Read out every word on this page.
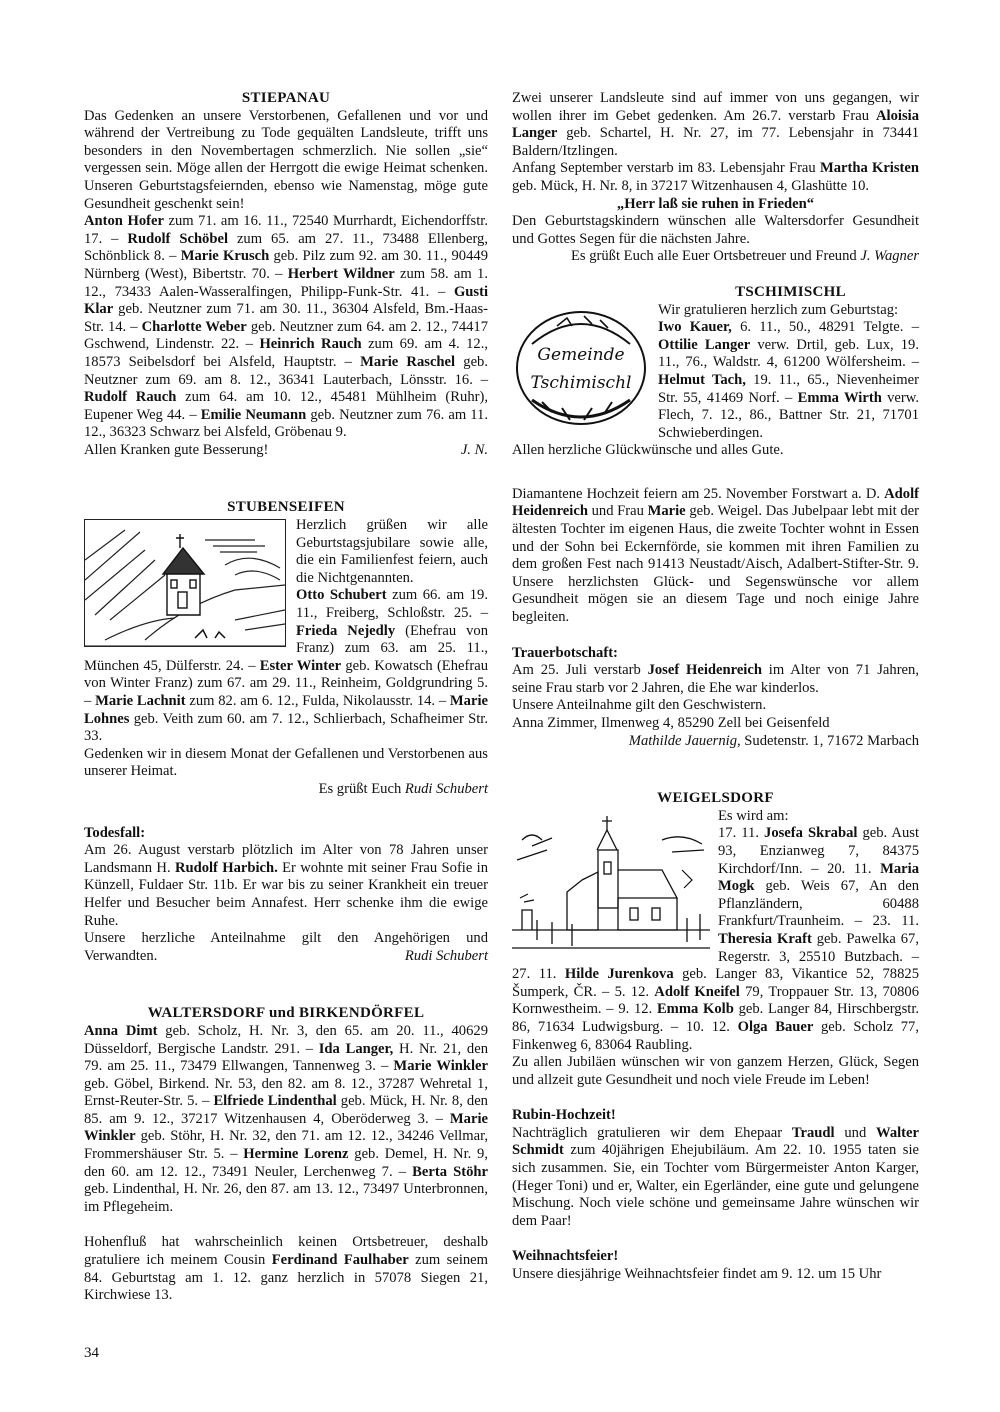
STIEPANAU

Das Gedenken an unsere Verstorbenen, Gefallenen und vor und während der Vertreibung zu Tode gequälten Landsleute, trifft uns besonders in den Novembertagen schmerzlich. Nie sollen „sie“ vergessen sein. Möge allen der Herrgott die ewige Heimat schenken. Unseren Geburtstagsfeiernden, ebenso wie Namenstag, möge gute Gesundheit geschenkt sein!

Anton Hofer zum 71. am 16. 11., 72540 Murrhardt, Eichendorffstr. 17. – Rudolf Schöbel zum 65. am 27. 11., 73488 Ellenberg, Schönblick 8. – Marie Krusch geb. Pilz zum 92. am 30. 11., 90449 Nürnberg (West), Bibertstr. 70. – Herbert Wildner zum 58. am 1. 12., 73433 Aalen-Wasseralfingen, Philipp-Funk-Str. 41. – Gusti Klar geb. Neutzner zum 71. am 30. 11., 36304 Alsfeld, Bm.-Haas-Str. 14. – Charlotte Weber geb. Neutzner zum 64. am 2. 12., 74417 Gschwend, Lindenstr. 22. – Heinrich Rauch zum 69. am 4. 12., 18573 Seibelsdorf bei Alsfeld, Hauptstr. – Marie Raschel geb. Neutzner zum 69. am 8. 12., 36341 Lauterbach, Lönsstr. 16. – Rudolf Rauch zum 64. am 10. 12., 45481 Mühlheim (Ruhr), Eupener Weg 44. – Emilie Neumann geb. Neutzner zum 76. am 11. 12., 36323 Schwarz bei Alsfeld, Gröbenau 9.

Allen Kranken gute Besserung!	J. N.
STUBENSEIFEN

Herzlich grüßen wir alle Geburtstagsjubilare sowie alle, die ein Familienfest feiern, auch die Nichtgenannten.

Otto Schubert zum 66. am 19. 11., Freiberg, Schloßstr. 25. – Frieda Nejedly (Ehefrau von Franz) zum 63. am 25. 11., München 45, Dülferstr. 24. – Ester Winter geb. Kowatsch (Ehefrau von Winter Franz) zum 67. am 29. 11., Reinheim, Goldgrundring 5. – Marie Lachnit zum 82. am 6. 12., Fulda, Nikolausstr. 14. – Marie Lohnes geb. Veith zum 60. am 7. 12., Schlierbach, Schafheimer Str. 33.

Gedenken wir in diesem Monat der Gefallenen und Verstorbenen aus unserer Heimat.

Es grüßt Euch Rudi Schubert

Todesfall:

Am 26. August verstarb plötzlich im Alter von 78 Jahren unser Landsmann H. Rudolf Harbich. Er wohnte mit seiner Frau Sofie in Künzell, Fuldaer Str. 11b. Er war bis zu seiner Krankheit ein treuer Helfer und Besucher beim Annafest. Herr schenke ihm die ewige Ruhe.

Unsere herzliche Anteilnahme gilt den Angehörigen und Verwandten.	Rudi Schubert

WALTERSDORF und BIRKENDÖRFEL

Anna Dimt geb. Scholz, H. Nr. 3, den 65. am 20. 11., 40629 Düsseldorf, Bergische Landstr. 291. – Ida Langer, H. Nr. 21, den 79. am 25. 11., 73479 Ellwangen, Tannenweg 3. – Marie Winkler geb. Göbel, Birkend. Nr. 53, den 82. am 8. 12., 37287 Wehretal 1, Ernst-Reuter-Str. 5. – Elfriede Lindenthal geb. Mück, H. Nr. 8, den 85. am 9. 12., 37217 Witzenhausen 4, Oberöderweg 3. – Marie Winkler geb. Stöhr, H. Nr. 32, den 71. am 12. 12., 34246 Vellmar, Frommershäuser Str. 5. – Hermine Lorenz geb. Demel, H. Nr. 9, den 60. am 12. 12., 73491 Neuler, Lerchenweg 7. – Berta Stöhr geb. Lindenthal, H. Nr. 26, den 87. am 13. 12., 73497 Unterbronnen, im Pflegeheim.

Hohenfluß hat wahrscheinlich keinen Ortsbetreuer, deshalb gratuliere ich meinem Cousin Ferdinand Faulhaber zum seinem 84. Geburtstag am 1. 12. ganz herzlich in 57078 Siegen 21, Kirchwiese 13.

Zwei unserer Landsleute sind auf immer von uns gegangen, wir wollen ihrer im Gebet gedenken. Am 26.7. verstarb Frau Aloisia Langer geb. Schartel, H. Nr. 27, im 77. Lebensjahr in 73441 Baldern/Itzlingen.

Anfang September verstarb im 83. Lebensjahr Frau Martha Kristen geb. Mück, H. Nr. 8, in 37217 Witzenhausen 4, Glashütte 10.

„Herr laß sie ruhen in Frieden“

Den Geburtstagskindern wünschen alle Waltersdorfer Gesundheit und Gottes Segen für die nächsten Jahre.

Es grüßt Euch alle Euer Ortsbetreuer und Freund J. Wagner

TSCHIMISCHL
Gemeinde
Tschimischl

Wir gratulieren herzlich zum Geburtstag:

Iwo Kauer, 6. 11., 50., 48291 Telgte. – Ottilie Langer verw. Drtil, geb. Lux, 19. 11., 76., Waldstr. 4, 61200 Wölfersheim. – Helmut Tach, 19. 11., 65., Nievenheimer Str. 55, 41469 Norf. – Emma Wirth verw. Flech, 7. 12., 86., Battner Str. 21, 71701 Schwieberdingen.

Allen herzliche Glückwünsche und alles Gute.

Diamantene Hochzeit feiern am 25. November Forstwart a. D. Adolf Heidenreich und Frau Marie geb. Weigel. Das Jubelpaar lebt mit der ältesten Tochter im eigenen Haus, die zweite Tochter wohnt in Essen und der Sohn bei Eckernförde, sie kommen mit ihren Familien zu dem großen Fest nach 91413 Neustadt/Aisch, Adalbert-Stifter-Str. 9. Unsere herzlichsten Glück- und Segenswünsche vor allem Gesundheit mögen sie an diesem Tage und noch einige Jahre begleiten.

Trauerbotschaft:

Am 25. Juli verstarb Josef Heidenreich im Alter von 71 Jahren, seine Frau starb vor 2 Jahren, die Ehe war kinderlos.

Unsere Anteilnahme gilt den Geschwistern.

Anna Zimmer, Ilmenweg 4, 85290 Zell bei Geisenfeld

Mathilde Jauernig, Sudetenstr. 1, 71672 Marbach

WEIGELSDORF

Es wird am:

17. 11. Josefa Skrabal geb. Aust 93, Enzianweg 7, 84375 Kirchdorf/Inn. – 20. 11. Maria Mogk geb. Weis 67, An den Pflanzländern, 60488 Frankfurt/Traunheim. – 23. 11. Theresia Kraft geb. Pawelka 67, Regerstr. 3, 25510 Butzbach. – 27. 11. Hilde Jurenkova geb. Langer 83, Vikantice 52, 78825 Šumperk, ČR. – 5. 12. Adolf Kneifel 79, Troppauer Str. 13, 70806 Kornwestheim. – 9. 12. Emma Kolb geb. Langer 84, Hirschbergstr. 86, 71634 Ludwigsburg. – 10. 12. Olga Bauer geb. Scholz 77, Finkenweg 6, 83064 Raubling.

Zu allen Jubiläen wünschen wir von ganzem Herzen, Glück, Segen und allzeit gute Gesundheit und noch viele Freude im Leben!

Rubin-Hochzeit!

Nachträglich gratulieren wir dem Ehepaar Traudl und Walter Schmidt zum 40jährigen Ehejubiläum. Am 22. 10. 1955 taten sie sich zusammen. Sie, ein Tochter vom Bürgermeister Anton Karger, (Heger Toni) und er, Walter, ein Egerländer, eine gute und gelungene Mischung. Noch viele schöne und gemeinsame Jahre wünschen wir dem Paar!

Weihnachtsfeier!

Unsere diesjährige Weihnachtsfeier findet am 9. 12. um 15 Uhr

34
